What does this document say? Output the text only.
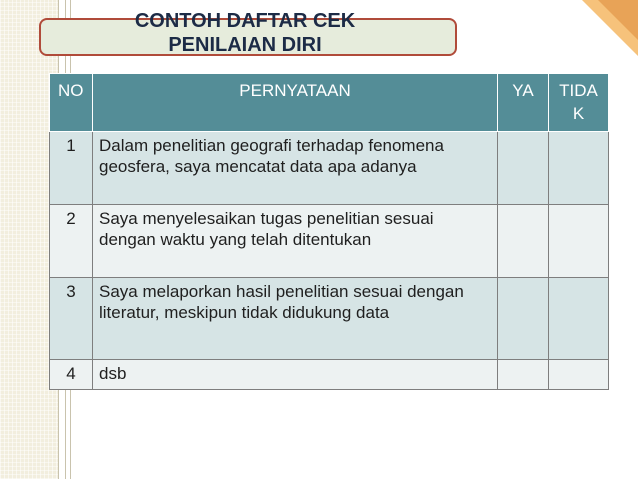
CONTOH DAFTAR CEK
PENILAIAN DIRI
NO	PERNYATAAN	YA	TIDAK
1	Dalam penelitian geografi terhadap fenomena geosfera, saya mencatat data apa adanya		
2	Saya menyelesaikan tugas penelitian sesuai dengan waktu yang telah ditentukan		
3	Saya melaporkan hasil penelitian sesuai dengan literatur, meskipun tidak didukung data		
4	dsb		
